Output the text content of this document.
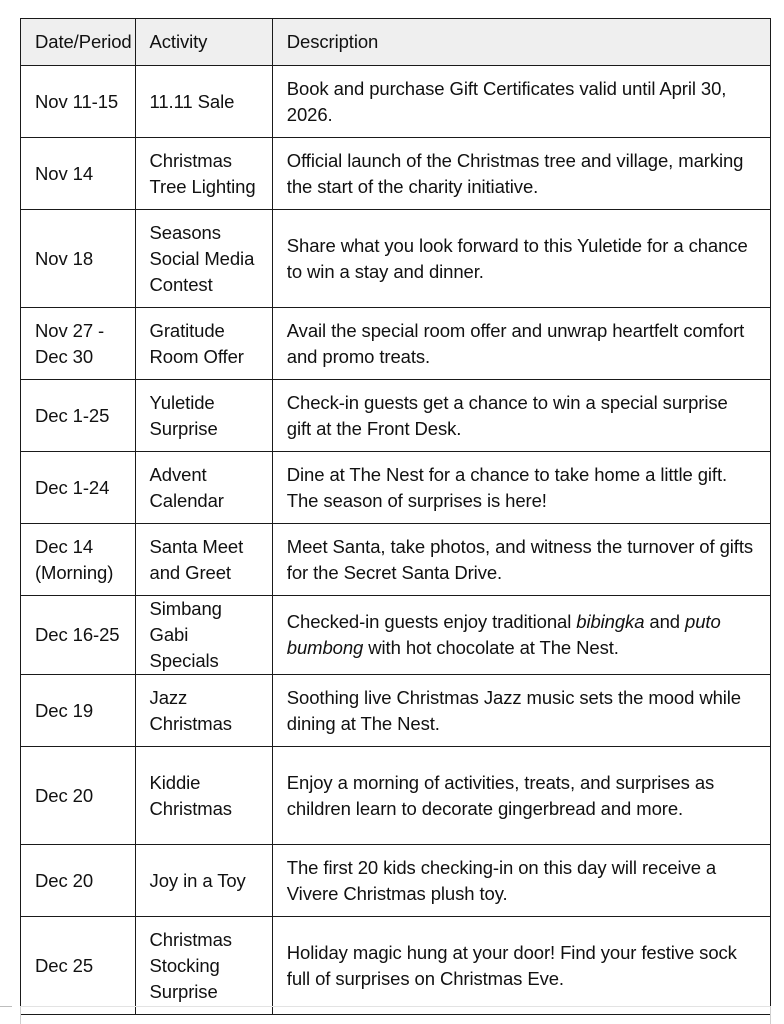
Date/Period	Activity	Description
Nov 11-15	11.11 Sale	Book and purchase Gift Certificates valid until April 30, 2026.
Nov 14	Christmas Tree Lighting	Official launch of the Christmas tree and village, marking the start of the charity initiative.
Nov 18	Seasons Social Media Contest	Share what you look forward to this Yuletide for a chance to win a stay and dinner.
Nov 27 - Dec 30	Gratitude Room Offer	Avail the special room offer and unwrap heartfelt comfort and promo treats.
Dec 1-25	Yuletide Surprise	Check-in guests get a chance to win a special surprise gift at the Front Desk.
Dec 1-24	Advent Calendar	Dine at The Nest for a chance to take home a little gift. The season of surprises is here!
Dec 14 (Morning)	Santa Meet and Greet	Meet Santa, take photos, and witness the turnover of gifts for the Secret Santa Drive.
Dec 16-25	Simbang Gabi Specials	Checked-in guests enjoy traditional bibingka and puto bumbong with hot chocolate at The Nest.
Dec 19	Jazz Christmas	Soothing live Christmas Jazz music sets the mood while dining at The Nest.
Dec 20	Kiddie Christmas	Enjoy a morning of activities, treats, and surprises as children learn to decorate gingerbread and more.
Dec 20	Joy in a Toy	The first 20 kids checking-in on this day will receive a Vivere Christmas plush toy.
Dec 25	Christmas Stocking Surprise	Holiday magic hung at your door! Find your festive sock full of surprises on Christmas Eve.
